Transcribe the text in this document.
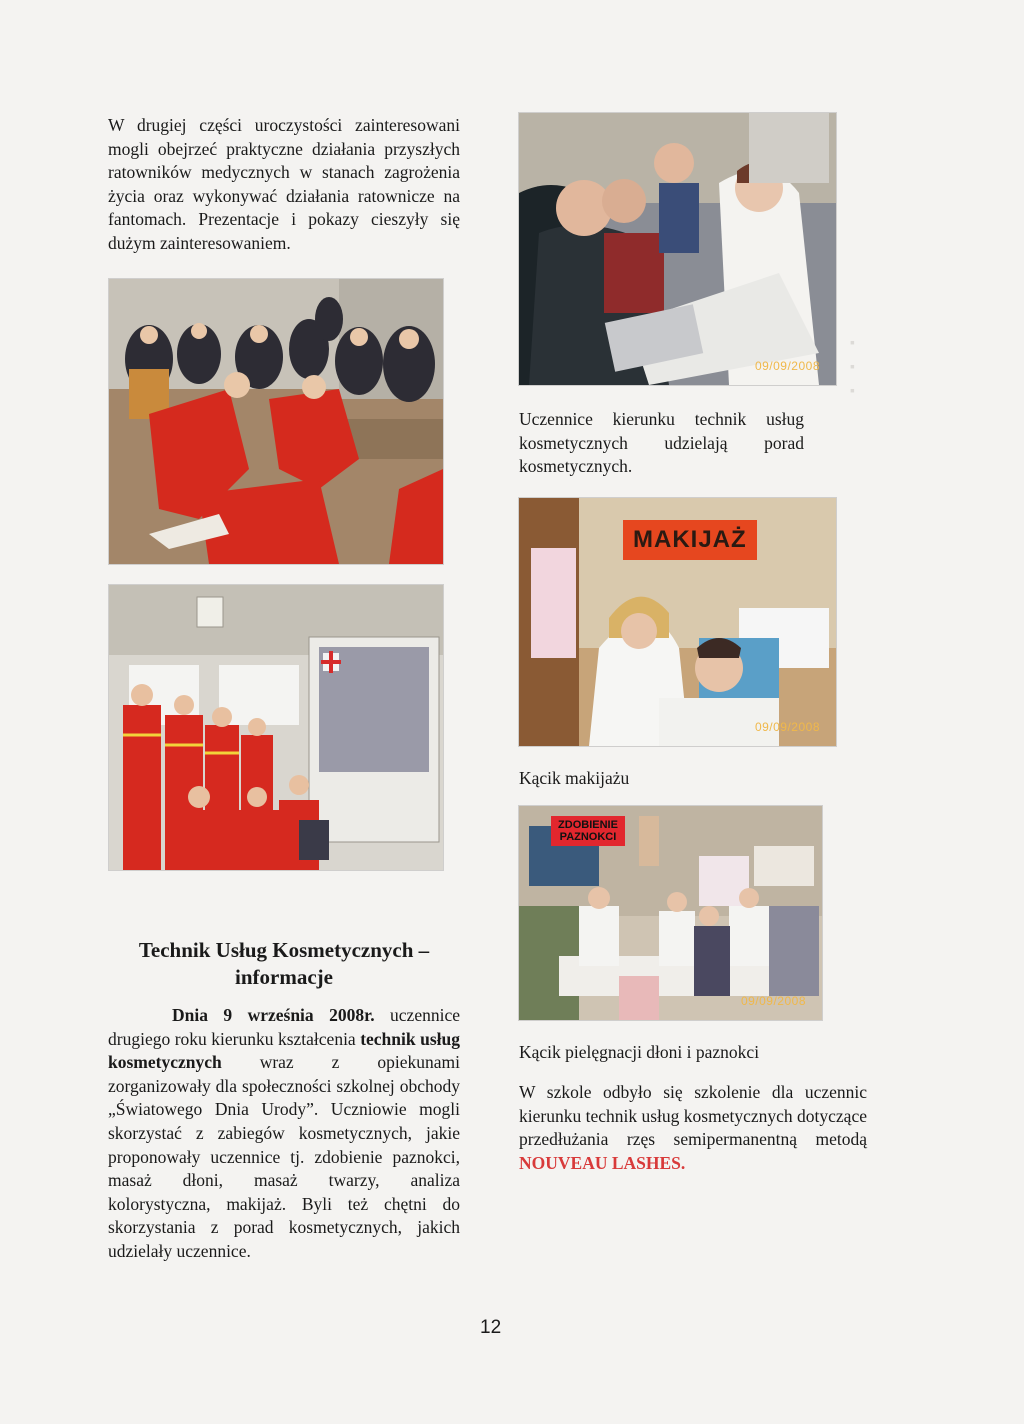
▪
▪
▪
W drugiej części uroczystości zainteresowani mogli obejrzeć praktyczne działania przyszłych ratowników medycznych w stanach zagrożenia życia oraz wykonywać działania ratownicze na fantomach. Prezentacje i pokazy cieszyły się dużym zainteresowaniem.
Technik Usług Kosmetycznych –
informacje
Dnia 9 września 2008r. uczennice drugiego roku kierunku kształcenia technik usług kosmetycznych wraz z opiekunami zorganizowały dla społeczności szkolnej obchody „Światowego Dnia Urody”. Uczniowie mogli skorzystać z zabiegów kosmetycznych, jakie proponowały uczennice tj. zdobienie paznokci, masaż dłoni, masaż twarzy, analiza kolorystyczna, makijaż. Byli też chętni do skorzystania z porad kosmetycznych, jakich udzielały uczennice.
09/09/2008
Uczennice kierunku technik usług kosmetycznych udzielają porad kosmetycznych.
MAKIJAŻ
09/09/2008
Kącik makijażu
ZDOBIENIE PAZNOKCI
09/09/2008
Kącik pielęgnacji dłoni i paznokci
W szkole odbyło się szkolenie dla uczennic kierunku technik usług kosmetycznych dotyczące przedłużania rzęs semipermanentną metodą NOUVEAU LASHES.
12
